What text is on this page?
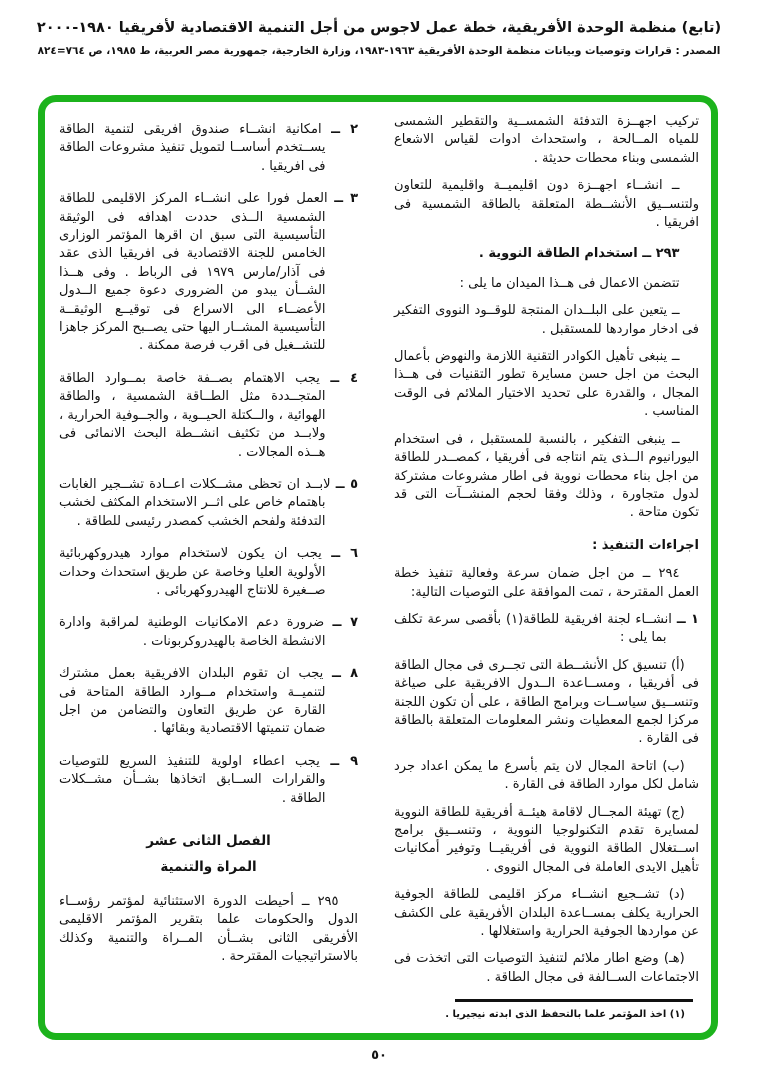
(تابع) منظمة الوحدة الأفريقية، خطة عمل لاجوس من أجل التنمية الاقتصادية لأفريقيا ١٩٨٠-٢٠٠٠
المصدر : قرارات وتوصيات وبيانات منظمة الوحدة الأفريقية ١٩٦٣-١٩٨٣، وزارة الخارجية، جمهورية مصر العربية، ط ١٩٨٥، ص ٧٦٤=٨٢٤

تركيب اجهــزة التدفئة الشمســية والتقطير الشمسى للمياه المــالحة ، واستحداث ادوات لقياس الاشعاع الشمسى وبناء محطات حديثة .

ــ انشــاء اجهــزة دون اقليميــة واقليمية للتعاون ولتنســيق الأنشــطة المتعلقة بالطاقة الشمسية فى افريقيا .

٢٩٣ ــ استخدام الطاقة النووية .

تتضمن الاعمال فى هــذا الميدان ما يلى :

ــ يتعين على البلــدان المنتجة للوقــود النووى التفكير فى ادخار مواردها للمستقبل .

ــ ينبغى تأهيل الكوادر التقنية اللازمة والنهوض بأعمال البحث من اجل حسن مسايرة تطور التقنيات فى هــذا المجال ، والقدرة على تحديد الاختيار الملائم فى الوقت المناسب .

ــ ينبغى التفكير ، بالنسبة للمستقبل ، فى استخدام اليورانيوم الــذى يتم انتاجه فى أفريقيا ، كمصــدر للطاقة من اجل بناء محطات نووية فى اطار مشروعات مشتركة لدول متجاورة ، وذلك وفقا لحجم المنشــآت التى قد تكون متاحة .

اجراءات التنفيذ :

٢٩٤ ــ من اجل ضمان سرعة وفعالية تنفيذ خطة العمل المقترحة ، تمت الموافقة على التوصيات التالية:

١ ــ انشــاء لجنة افريقية للطاقة(١) بأقصى سرعة تكلف بما يلى :

(أ) تنسيق كل الأنشــطة التى تجــرى فى مجال الطاقة فى أفريقيا ، ومســاعدة الــدول الافريقية على صياغة وتنســيق سياســات وبرامج الطاقة ، على أن تكون اللجنة مركزا لجمع المعطيات ونشر المعلومات المتعلقة بالطاقة فى القارة .

(ب) اتاحة المجال لان يتم بأسرع ما يمكن اعداد جرد شامل لكل موارد الطاقة فى القارة .

(ج) تهيئة المجــال لاقامة هيئــة أفريقية للطاقة النووية لمسايرة تقدم التكنولوجيا النووية ، وتنســيق برامج اســتغلال الطاقة النووية فى أفريقيــا وتوفير أمكانيات تأهيل الايدى العاملة فى المجال النووى .

(د) تشــجيع انشــاء مركز اقليمى للطاقة الجوفية الحرارية يكلف بمســاعدة البلدان الأفريقية على الكشف عن مواردها الجوفية الحرارية واستغلالها .

(هـ) وضع اطار ملائم لتنفيذ التوصيات التى اتخذت فى الاجتماعات الســالفة فى مجال الطاقة .

(١) اخذ المؤتمر علما بالتحفظ الذى ابدته نيجيريا .

٢ ــ امكانية انشــاء صندوق افريقى لتنمية الطاقة يســتخدم أساســا لتمويل تنفيذ مشروعات الطاقة فى افريقيا .

٣ ــ العمل فورا على انشــاء المركز الاقليمى للطاقة الشمسية الــذى حددت اهدافه فى الوثيقة التأسيسية التى سبق ان اقرها المؤتمر الوزارى الخامس للجنة الاقتصادية فى افريقيا الذى عقد فى آذار/مارس ١٩٧٩ فى الرباط . وفى هــذا الشــأن يبدو من الضرورى دعوة جميع الــدول الأعضــاء الى الاسراع فى توقيــع الوثيقــة التأسيسية المشــار اليها حتى يصــبح المركز جاهزا للتشــغيل فى اقرب فرصة ممكنة .

٤ ــ يجب الاهتمام بصــفة خاصة بمــوارد الطاقة المتجــددة مثل الطــاقة الشمسية ، والطاقة الهوائية ، والــكتلة الحيــوية ، والجــوفية الحرارية ، ولابــد من تكثيف انشــطة البحث الانمائى فى هــذه المجالات .

٥ ــ لابــد ان تحظى مشــكلات اعــادة تشــجير الغابات باهتمام خاص على اثــر الاستخدام المكثف لخشب التدفئة ولفحم الخشب كمصدر رئيسى للطاقة .

٦ ــ يجب ان يكون لاستخدام موارد هيدروكهربائية الأولوية العليا وخاصة عن طريق استحداث وحدات صــغيرة للانتاج الهيدروكهربائى .

٧ ــ ضرورة دعم الامكانيات الوطنية لمراقبة وادارة الانشطة الخاصة بالهيدروكربونات .

٨ ــ يجب ان تقوم البلدان الافريقية بعمل مشترك لتنميــة واستخدام مــوارد الطاقة المتاحة فى القارة عن طريق التعاون والتضامن من اجل ضمان تنميتها الاقتصادية وبقائها .

٩ ــ يجب اعطاء اولوية للتنفيذ السريع للتوصيات والقرارات الســابق اتخاذها بشــأن مشــكلات الطاقة .

الفصل الثانى عشر

المراة والتنمية

٢٩٥ ــ أحيطت الدورة الاستثنائية لمؤتمر رؤســاء الدول والحكومات علما بتقرير المؤتمر الاقليمى الأفريقى الثانى بشــأن المــراة والتنمية وكذلك بالاستراتيجيات المقترحة .

٥٠
